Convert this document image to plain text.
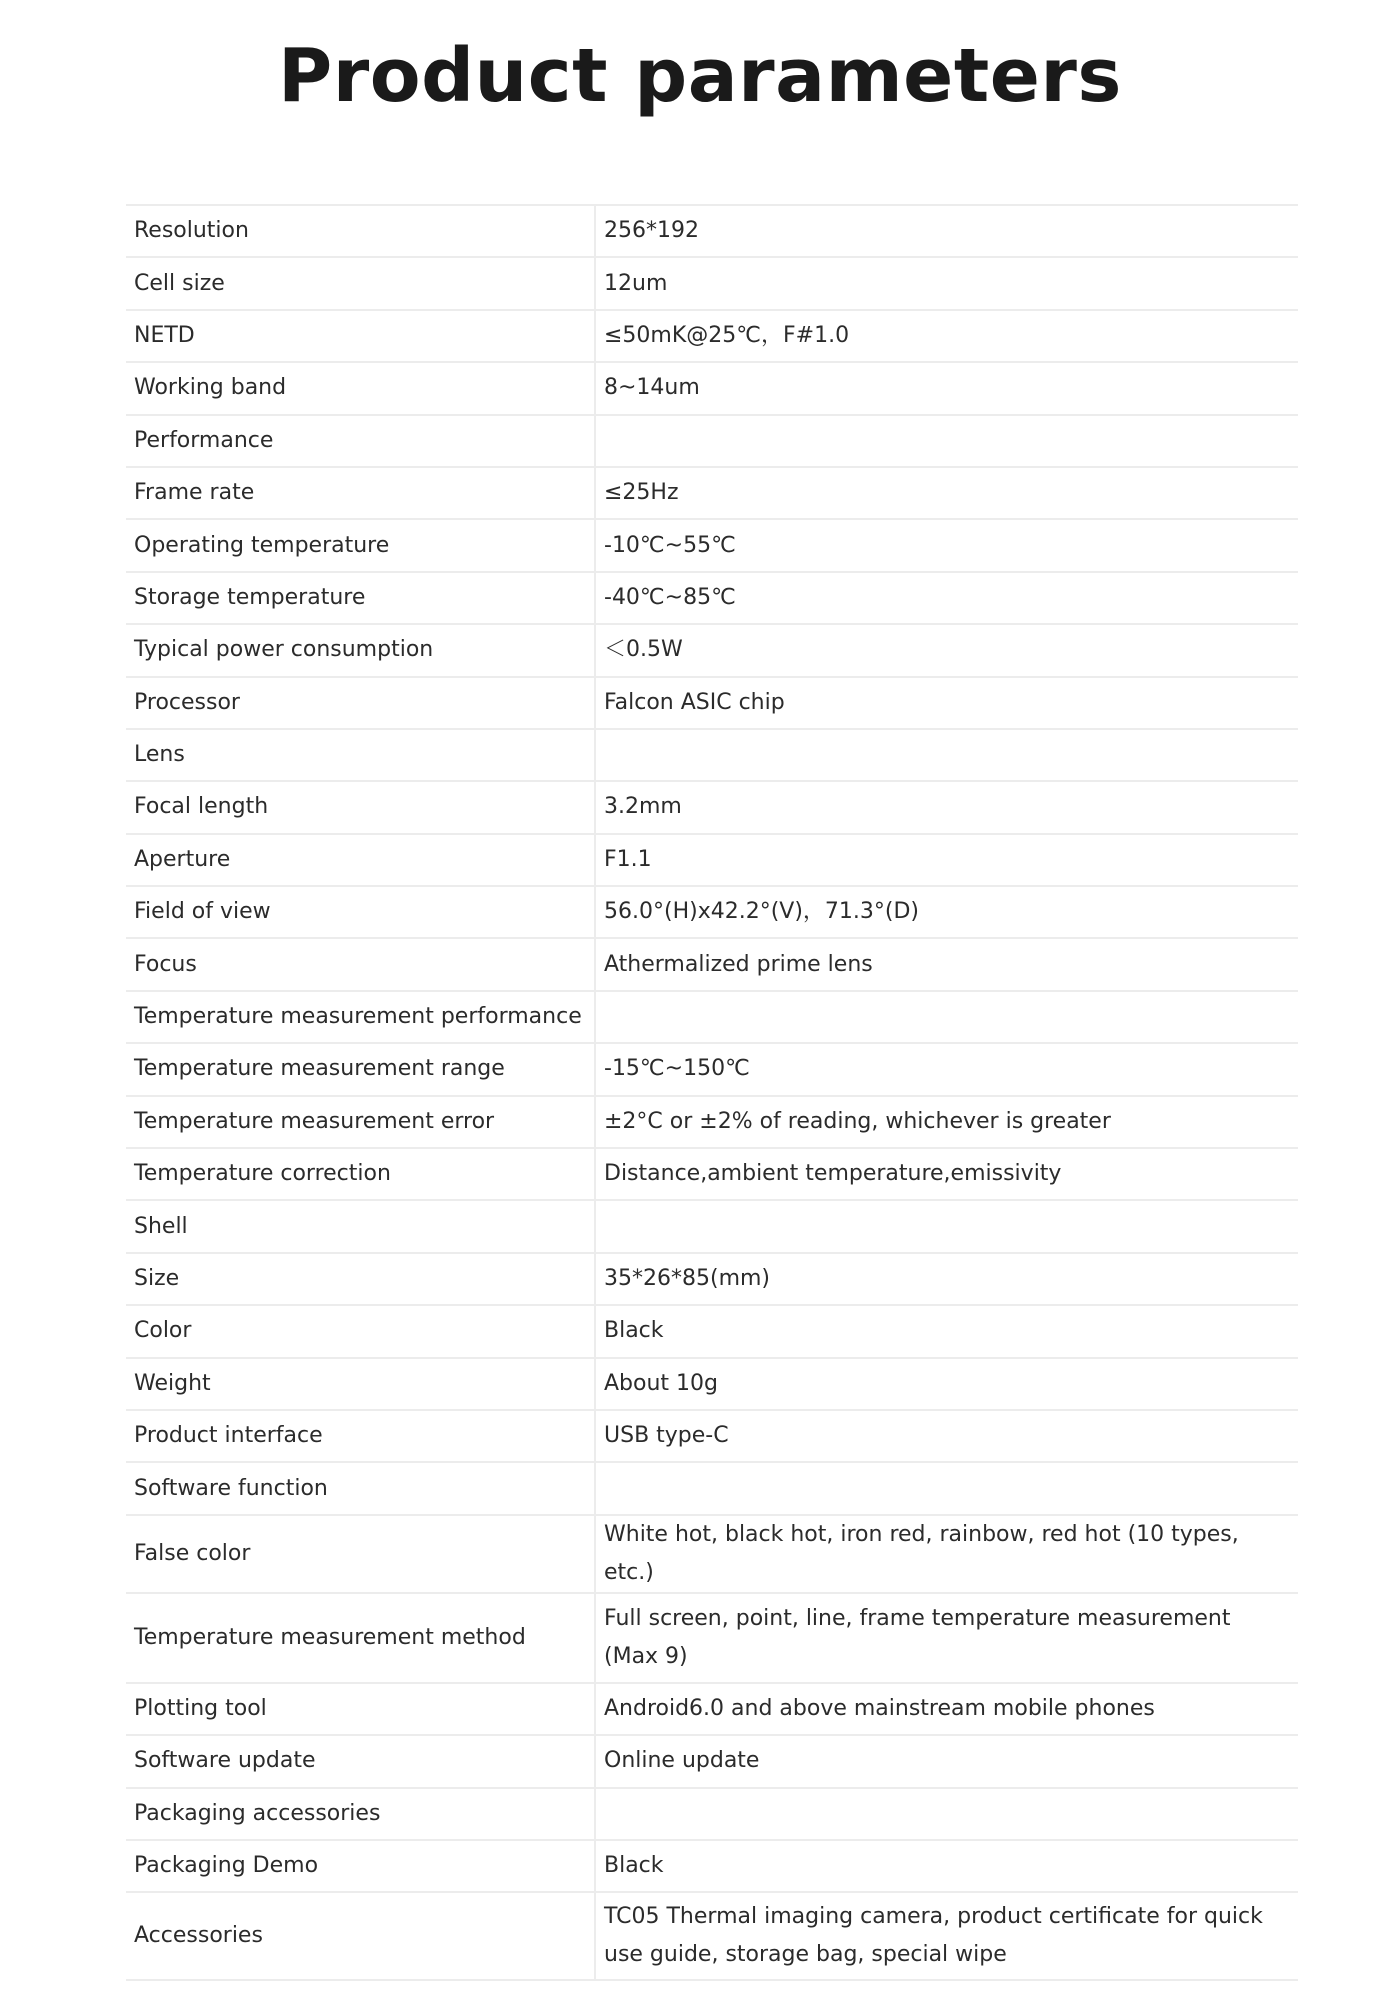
Product parameters
Resolution	256*192
Cell size	12um
NETD	≤50mK@25℃，F#1.0
Working band	8~14um
Performance	
Frame rate	≤25Hz
Operating temperature	-10℃~55℃
Storage temperature	-40℃~85℃
Typical power consumption	＜0.5W
Processor	Falcon ASIC chip
Lens	
Focal length	3.2mm
Aperture	F1.1
Field of view	56.0°(H)x42.2°(V)，71.3°(D)
Focus	Athermalized prime lens
Temperature measurement performance	
Temperature measurement range	-15℃~150℃
Temperature measurement error	±2°C or ±2% of reading, whichever is greater
Temperature correction	Distance,ambient temperature,emissivity
Shell	
Size	35*26*85(mm)
Color	Black
Weight	About 10g
Product interface	USB type-C
Software function	
False color	White hot, black hot, iron red, rainbow, red hot (10 types, etc.)
Temperature measurement method	Full screen, point, line, frame temperature measurement (Max 9)
Plotting tool	Android6.0 and above mainstream mobile phones
Software update	Online update
Packaging accessories	
Packaging Demo	Black
Accessories	TC05 Thermal imaging camera, product certificate for quick use guide, storage bag, special wipe
